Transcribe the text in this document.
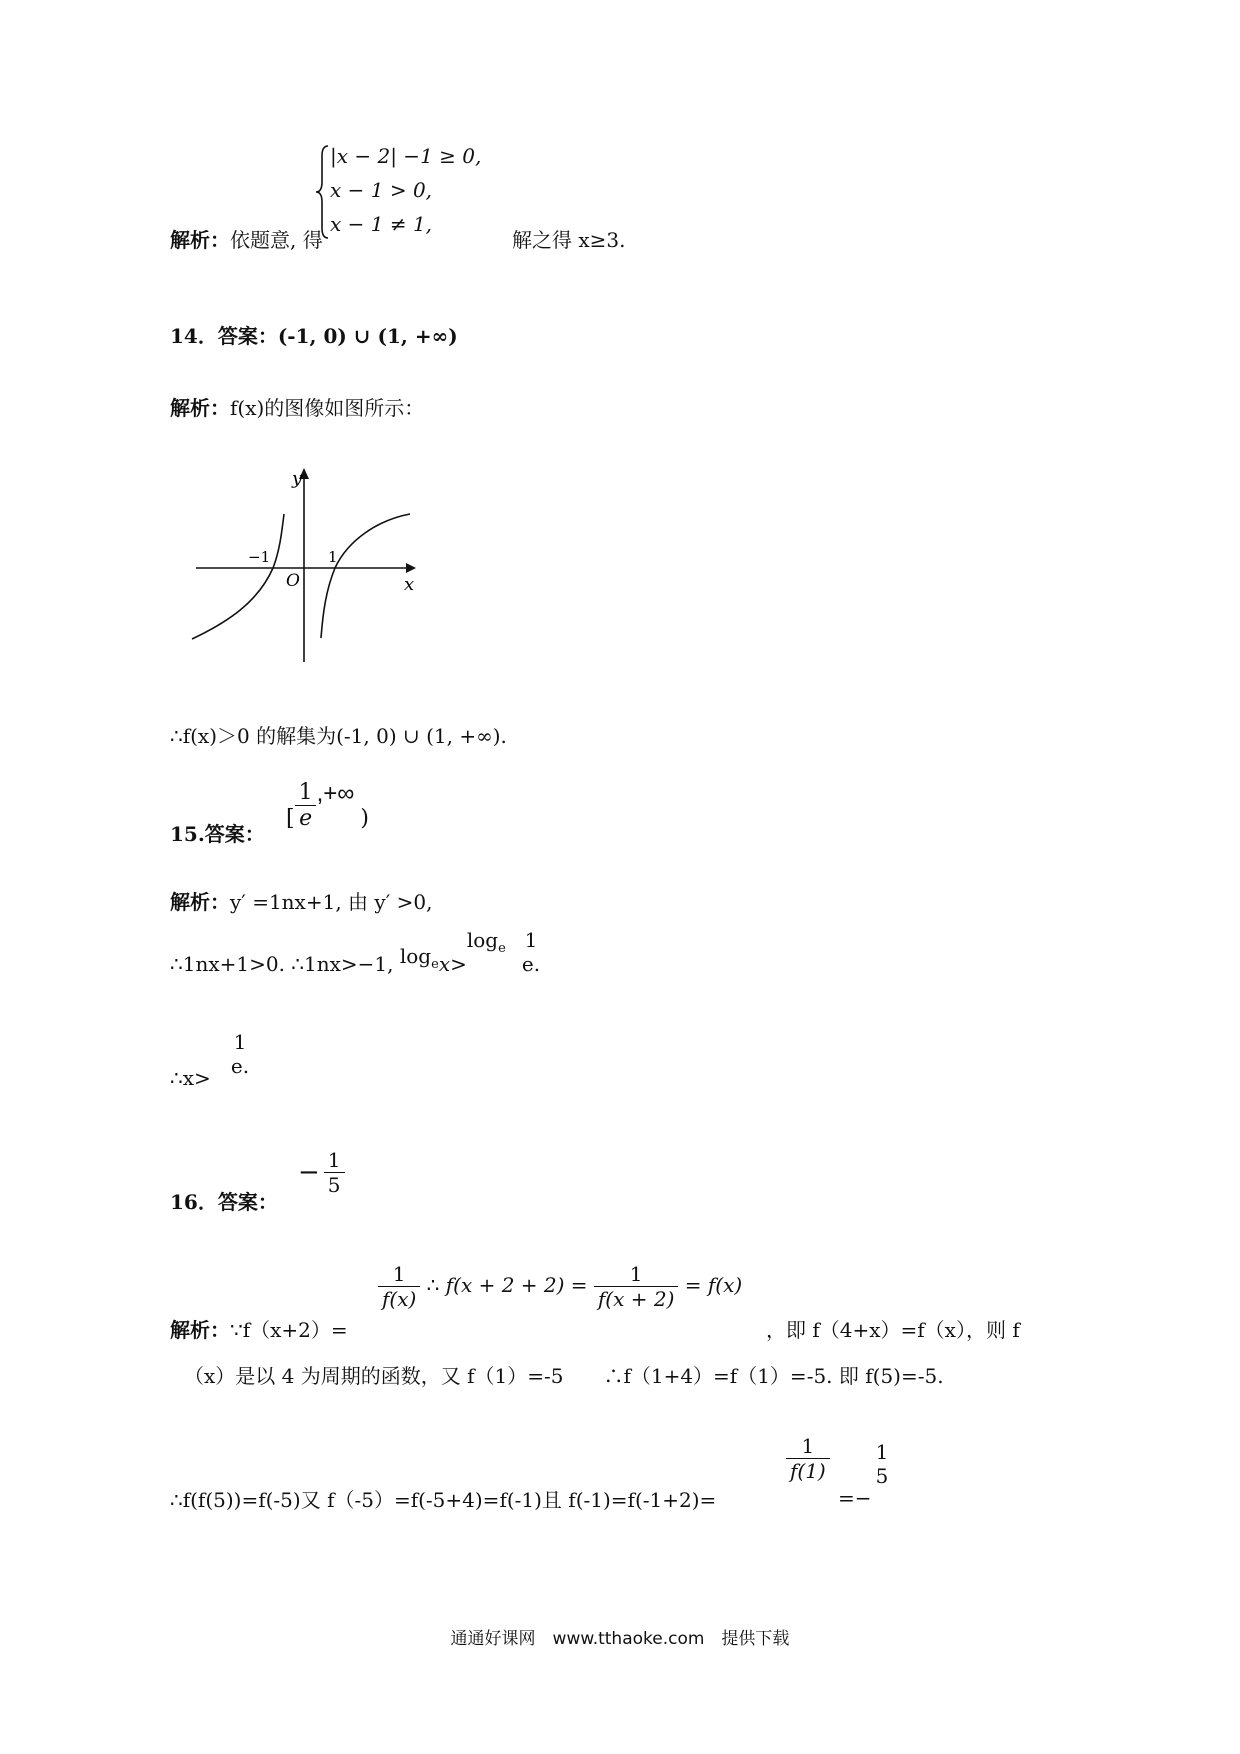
解析：依题意, 得
|x − 2| −1 ≥ 0,
x − 1 > 0,
x − 1 ≠ 1,
解之得 x≥3.
14．答案：(-1, 0) ∪ (1, +∞)
解析：f(x)的图像如图所示：
y
x
O
−1	1
∴f(x)＞0 的解集为(-1, 0) ∪ (1, +∞).
15.答案：
[ $\frac{1}{e}$ ,+∞)
解析：y′ =1nx+1, 由 y′ >0,
∴1nx+1>0. ∴1nx>−1, $\log_ex>\log_e$ 1
e.
∴x>
1
e.
16．答案：
− $\frac{1}{5}$
解析：∵f（x+2）=
$\frac{1}{f(x)}$ ∴ $f(x + 2 + 2) = \frac{1}{f(x + 2)} = f(x)$
，即 f（4+x）=f（x），则 f
（x）是以 4 为周期的函数，又 f（1）=-5　　∴f（1+4）=f（1）=-5. 即 f(5)=-5.
∴f(f(5))=f(-5)又 f（-5）=f(-5+4)=f(-1)且 f(-1)=f(-1+2)=
$\frac{1}{f(1)}$
=−
1
5
通通好课网　www.tthaoke.com　提供下载
